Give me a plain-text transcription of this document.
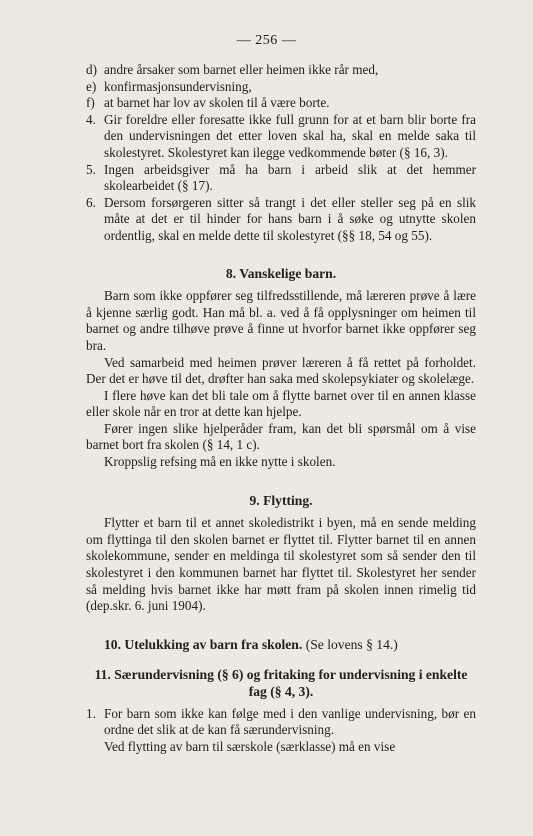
— 256 —

d) andre årsaker som barnet eller heimen ikke rår med,

e) konfirmasjonsundervisning,

f) at barnet har lov av skolen til å være borte.

4. Gir foreldre eller foresatte ikke full grunn for at et barn blir borte fra den undervisningen det etter loven skal ha, skal en melde saka til skolestyret. Skolestyret kan ilegge vedkommende bøter (§ 16, 3).

5. Ingen arbeidsgiver må ha barn i arbeid slik at det hemmer skolearbeidet (§ 17).

6. Dersom forsørgeren sitter så trangt i det eller steller seg på en slik måte at det er til hinder for hans barn i å søke og utnytte skolen ordentlig, skal en melde dette til skolestyret (§§ 18, 54 og 55).

8. Vanskelige barn.

Barn som ikke oppfører seg tilfredsstillende, må læreren prøve å lære å kjenne særlig godt. Han må bl. a. ved å få opplysninger om heimen til barnet og andre tilhøve prøve å finne ut hvorfor barnet ikke oppfører seg bra.

Ved samarbeid med heimen prøver læreren å få rettet på forholdet. Der det er høve til det, drøfter han saka med skolepsykiater og skolelæge.

I flere høve kan det bli tale om å flytte barnet over til en annen klasse eller skole når en tror at dette kan hjelpe.

Fører ingen slike hjelperåder fram, kan det bli spørsmål om å vise barnet bort fra skolen (§ 14, 1 c).

Kroppslig refsing må en ikke nytte i skolen.

9. Flytting.

Flytter et barn til et annet skoledistrikt i byen, må en sende melding om flyttinga til den skolen barnet er flyttet til. Flytter barnet til en annen skolekommune, sender en meldinga til skolestyret som så sender den til skolestyret i den kommunen barnet har flyttet til. Skolestyret her sender så melding hvis barnet ikke har møtt fram på skolen innen rimelig tid (dep.skr. 6. juni 1904).

10. Utelukking av barn fra skolen. (Se lovens § 14.)
11. Særundervisning (§ 6) og fritaking for undervisning i enkelte fag (§ 4, 3).

1. For barn som ikke kan følge med i den vanlige undervisning, bør en ordne det slik at de kan få særundervisning.

Ved flytting av barn til særskole (særklasse) må en vise
